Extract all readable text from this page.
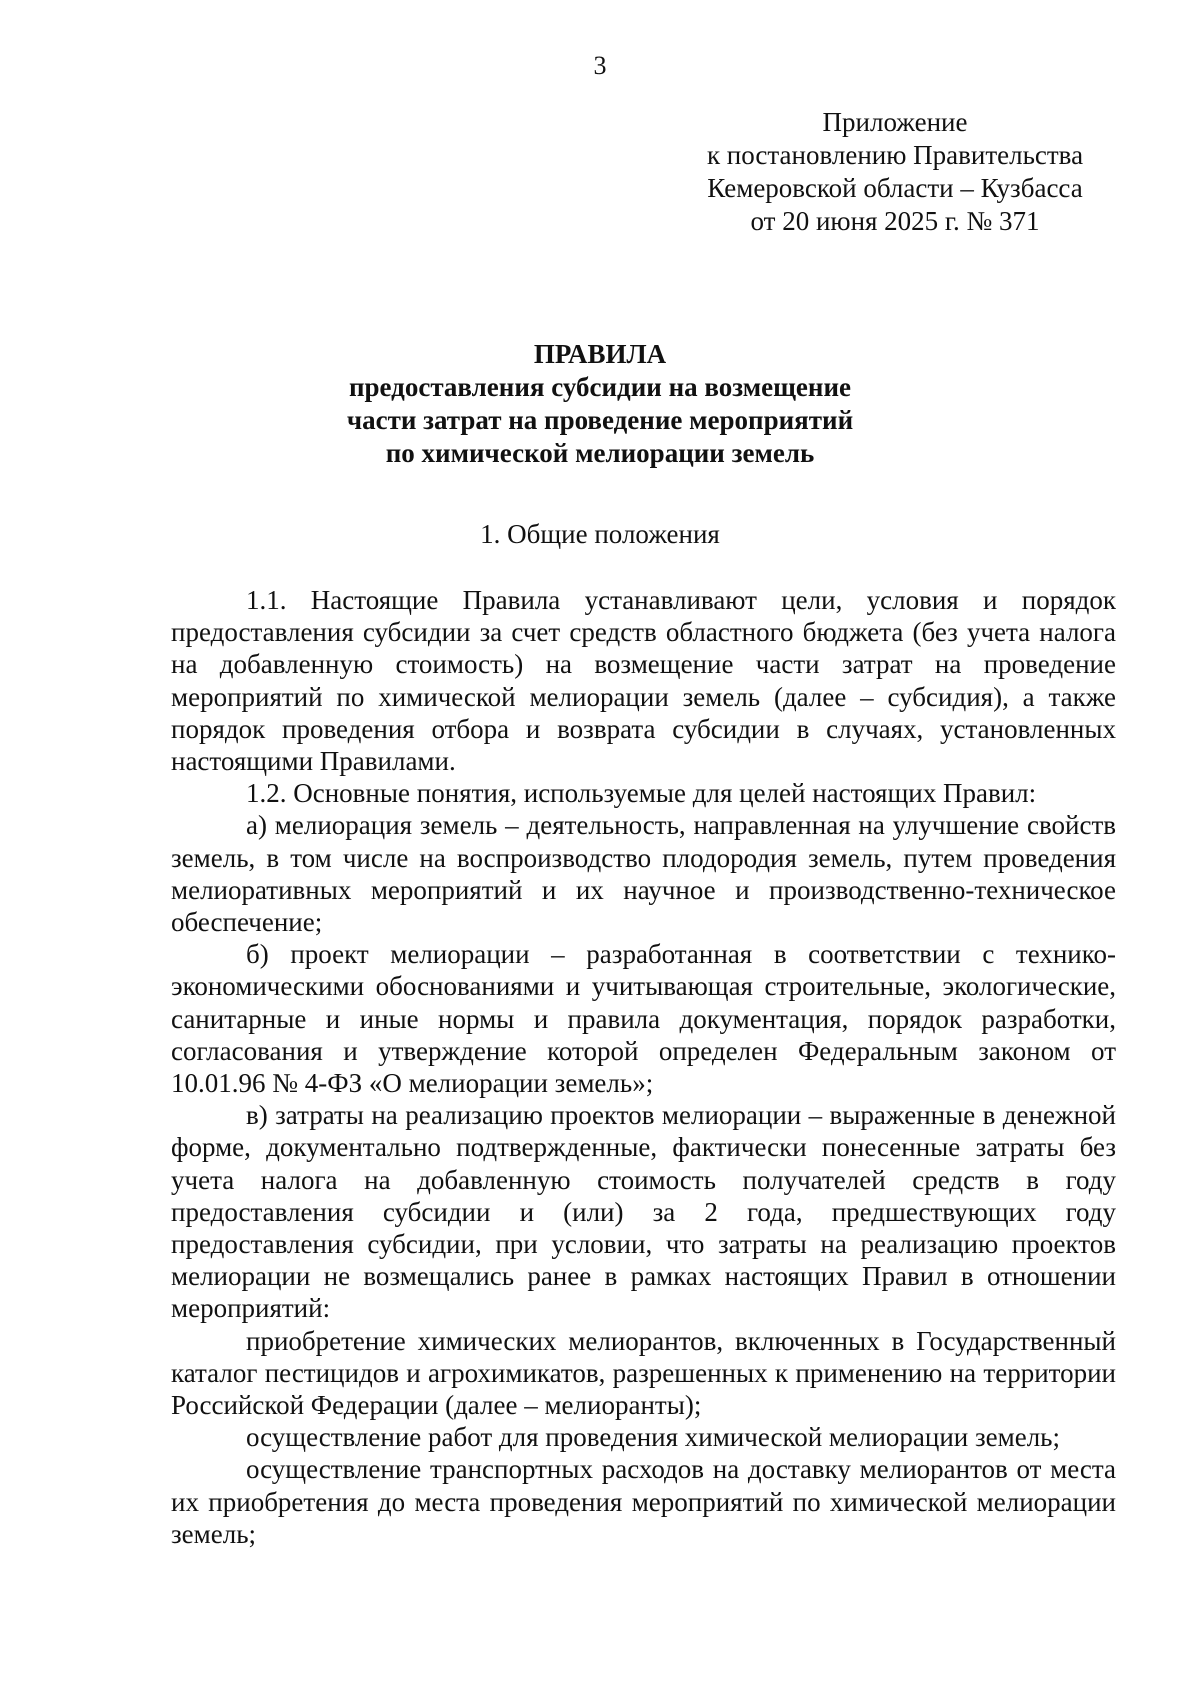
3
Приложение
к постановлению Правительства
Кемеровской области – Кузбасса
от 20 июня 2025 г. № 371
ПРАВИЛА
предоставления субсидии на возмещение
части затрат на проведение мероприятий
по химической мелиорации земель
1. Общие положения

1.1. Настоящие Правила устанавливают цели, условия и порядок предоставления субсидии за счет средств областного бюджета (без учета налога на добавленную стоимость) на возмещение части затрат на проведение мероприятий по химической мелиорации земель (далее – субсидия), а также порядок проведения отбора и возврата субсидии в случаях, установленных настоящими Правилами.

1.2. Основные понятия, используемые для целей настоящих Правил:

а) мелиорация земель – деятельность, направленная на улучшение свойств земель, в том числе на воспроизводство плодородия земель, путем проведения мелиоративных мероприятий и их научное и производственно-техническое обеспечение;

б) проект мелиорации – разработанная в соответствии с технико-экономическими обоснованиями и учитывающая строительные, экологические, санитарные и иные нормы и правила документация, порядок разработки, согласования и утверждение которой определен Федеральным законом от 10.01.96 № 4-ФЗ «О мелиорации земель»;

в) затраты на реализацию проектов мелиорации – выраженные в денежной форме, документально подтвержденные, фактически понесенные затраты без учета налога на добавленную стоимость получателей средств в году предоставления субсидии и (или) за 2 года, предшествующих году предоставления субсидии, при условии, что затраты на реализацию проектов мелиорации не возмещались ранее в рамках настоящих Правил в отношении мероприятий:

приобретение химических мелиорантов, включенных в Государственный каталог пестицидов и агрохимикатов, разрешенных к применению на территории Российской Федерации (далее – мелиоранты);

осуществление работ для проведения химической мелиорации земель;

осуществление транспортных расходов на доставку мелиорантов от места их приобретения до места проведения мероприятий по химической мелиорации земель;
